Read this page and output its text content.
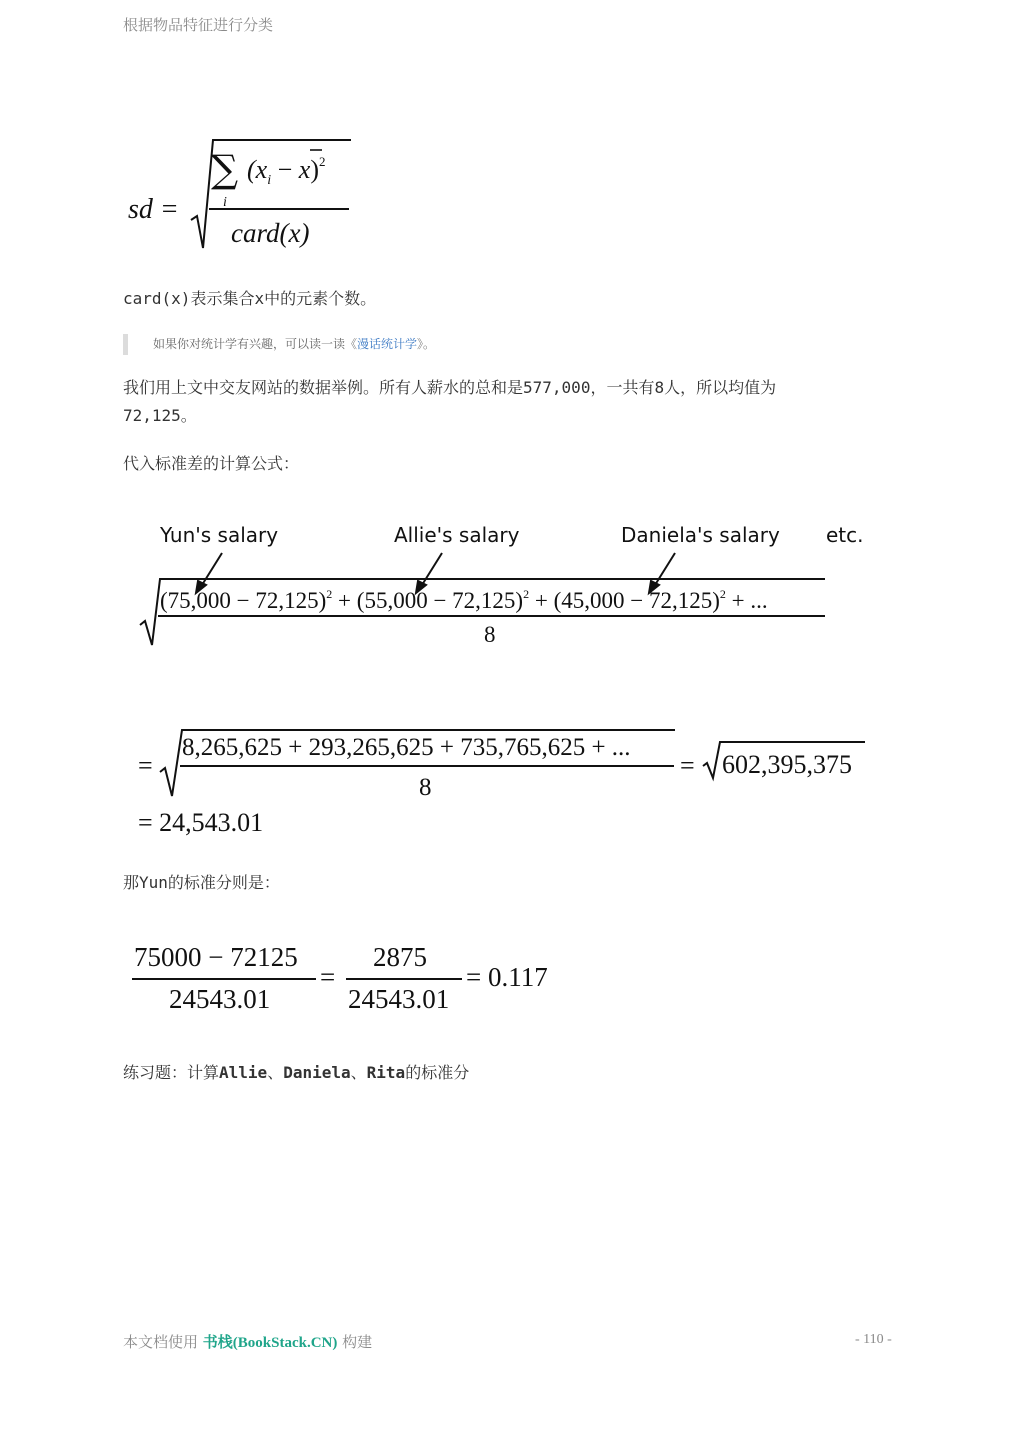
根据物品特征进行分类
sd =
∑
i
$(x_i - x)^2$
card(x)
card(x)表示集合x中的元素个数。
如果你对统计学有兴趣，可以读一读《漫话统计学》。
我们用上文中交友网站的数据举例。所有人薪水的总和是577,000，一共有8人，所以均值为
72,125。
代入标准差的计算公式：
Yun's salary	Allie's salary	Daniela's salary etc.
$(75,000 - 72,125)^2 + (55,000 - 72,125)^2 + (45,000 - 72,125)^2$ + ...
8
=
8,265,625 + 293,265,625 + 735,765,625 + ...
8
= 602,395,375
= 24,543.01
那Yun的标准分则是：
75000 − 72125
24543.01
=
2875
24543.01
= 0.117
练习题：计算Allie、Daniela、Rita的标准分
本文档使用 书栈(BookStack.CN) 构建	- 110 -
